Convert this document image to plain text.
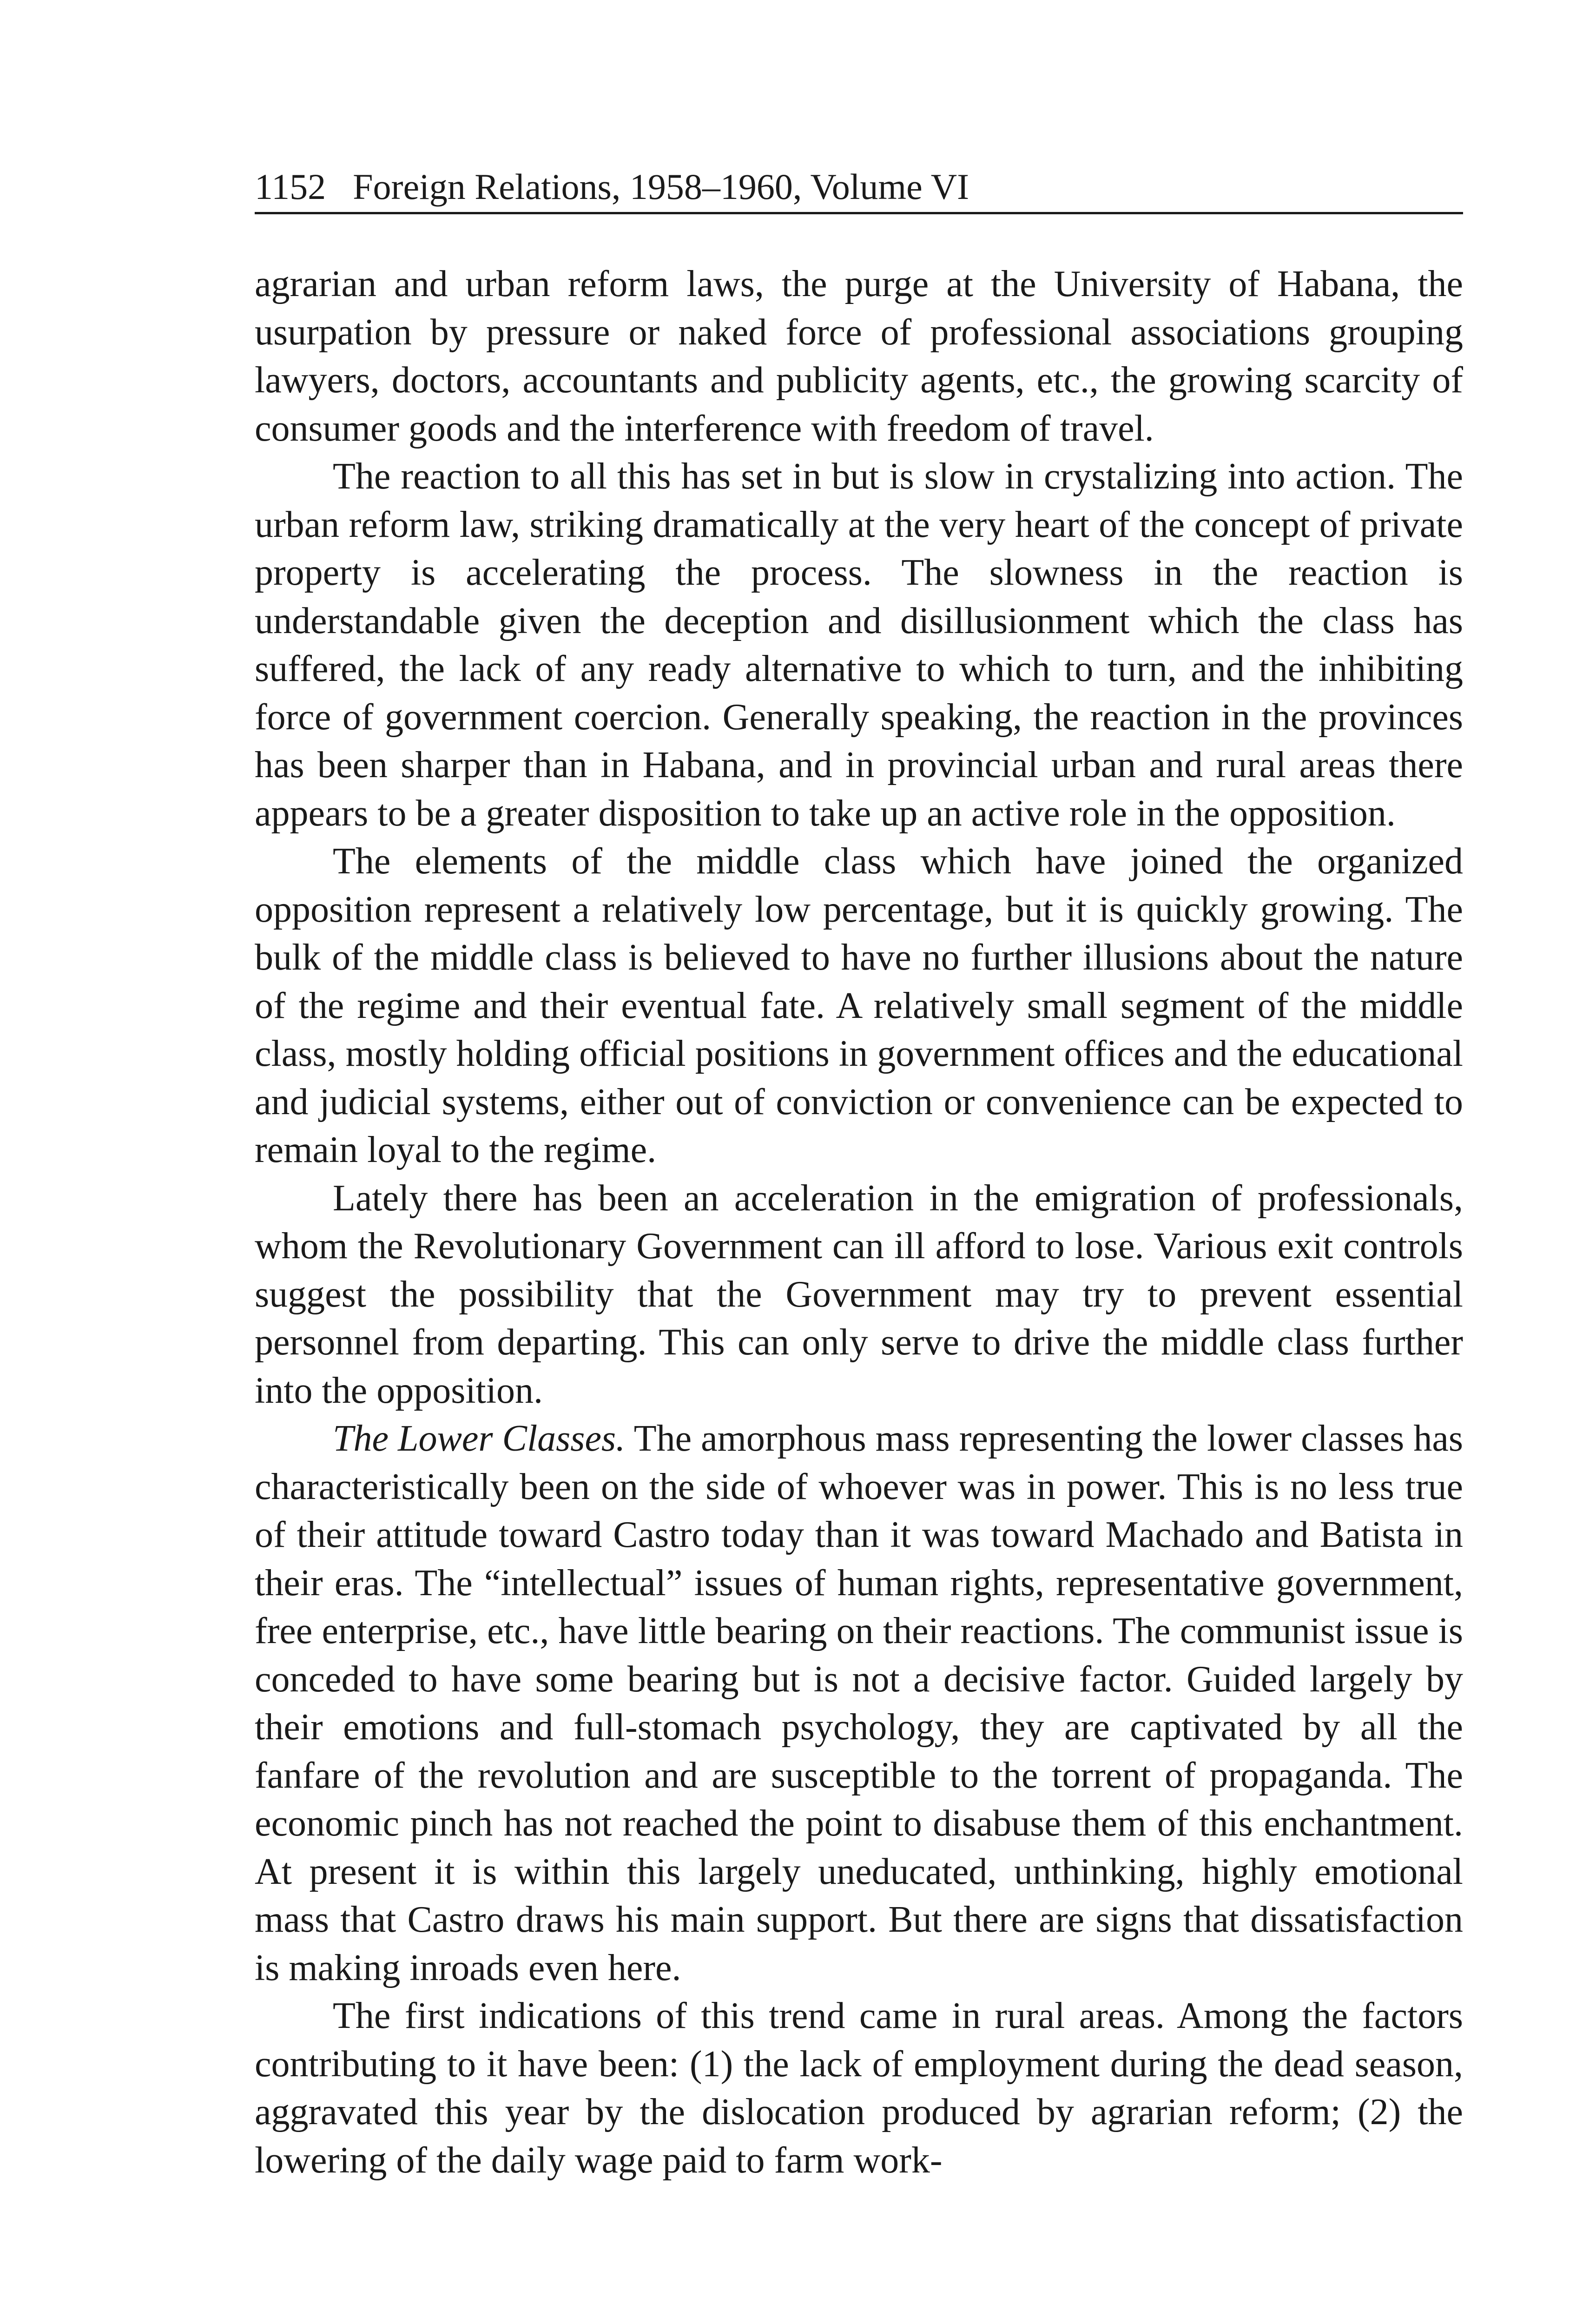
1152 Foreign Relations, 1958–1960, Volume VI

agrarian and urban reform laws, the purge at the University of Habana, the usurpation by pressure or naked force of professional associations grouping lawyers, doctors, accountants and publicity agents, etc., the growing scarcity of consumer goods and the interference with freedom of travel.

The reaction to all this has set in but is slow in crystalizing into action. The urban reform law, striking dramatically at the very heart of the concept of private property is accelerating the process. The slowness in the reaction is understandable given the deception and disillusionment which the class has suffered, the lack of any ready alternative to which to turn, and the inhibiting force of government coercion. Generally speaking, the reaction in the provinces has been sharper than in Habana, and in provincial urban and rural areas there appears to be a greater disposition to take up an active role in the opposition.

The elements of the middle class which have joined the organized opposition represent a relatively low percentage, but it is quickly growing. The bulk of the middle class is believed to have no further illusions about the nature of the regime and their eventual fate. A relatively small segment of the middle class, mostly holding official positions in government offices and the educational and judicial systems, either out of conviction or convenience can be expected to remain loyal to the regime.

Lately there has been an acceleration in the emigration of professionals, whom the Revolutionary Government can ill afford to lose. Various exit controls suggest the possibility that the Government may try to prevent essential personnel from departing. This can only serve to drive the middle class further into the opposition.

The Lower Classes. The amorphous mass representing the lower classes has characteristically been on the side of whoever was in power. This is no less true of their attitude toward Castro today than it was toward Machado and Batista in their eras. The “intellectual” issues of human rights, representative government, free enterprise, etc., have little bearing on their reactions. The communist issue is conceded to have some bearing but is not a decisive factor. Guided largely by their emotions and full-stomach psychology, they are captivated by all the fanfare of the revolution and are susceptible to the torrent of propaganda. The economic pinch has not reached the point to disabuse them of this enchantment. At present it is within this largely uneducated, unthinking, highly emotional mass that Castro draws his main support. But there are signs that dissatisfaction is making inroads even here.

The first indications of this trend came in rural areas. Among the factors contributing to it have been: (1) the lack of employment during the dead season, aggravated this year by the dislocation produced by agrarian reform; (2) the lowering of the daily wage paid to farm work-
